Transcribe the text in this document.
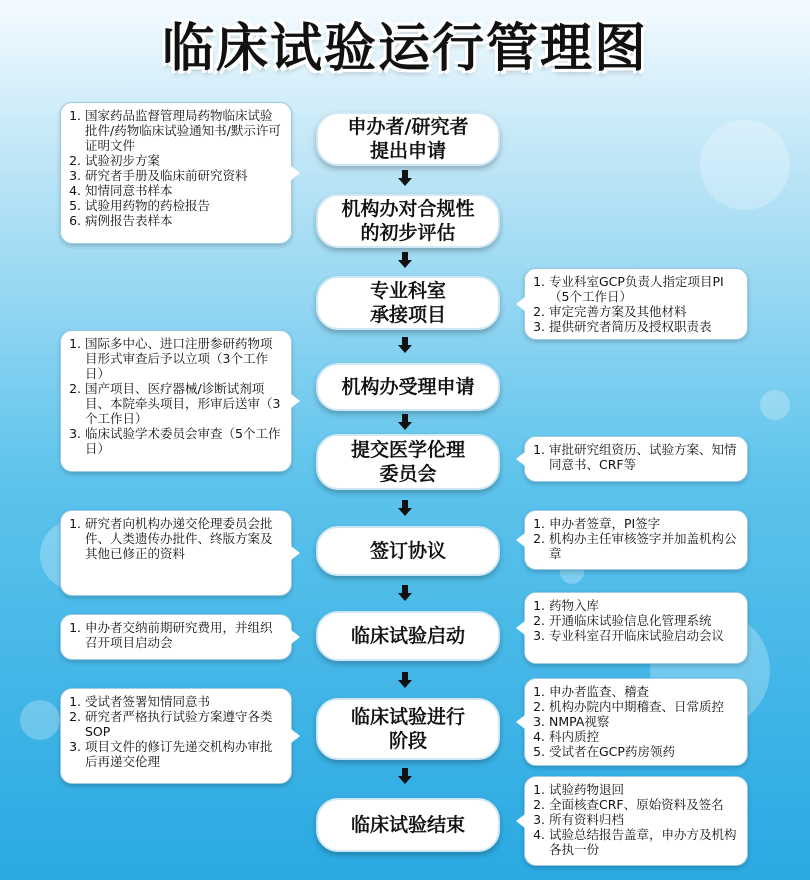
临床试验运行管理图
申办者/研究者
提出申请
机构办对合规性
的初步评估
专业科室
承接项目
机构办受理申请
提交医学伦理
委员会
签订协议
临床试验启动
临床试验进行
阶段
临床试验结束
1. 国家药品监督管理局药物临床试验批件/药物临床试验通知书/默示许可证明文件
2. 试验初步方案
3. 研究者手册及临床前研究资料
4. 知情同意书样本
5. 试验用药物的药检报告
6. 病例报告表样本
1. 国际多中心、进口注册参研药物项目形式审查后予以立项（3个工作日）
2. 国产项目、医疗器械/诊断试剂项目、本院牵头项目，形审后送审（3个工作日）
3. 临床试验学术委员会审查（5个工作日）
1. 研究者向机构办递交伦理委员会批件、人类遗传办批件、终版方案及其他已修正的资料
1. 申办者交纳前期研究费用，并组织召开项目启动会
1. 受试者签署知情同意书
2. 研究者严格执行试验方案遵守各类SOP
3. 项目文件的修订先递交机构办审批后再递交伦理
1. 专业科室GCP负责人指定项目PI（5个工作日）
2. 审定完善方案及其他材料
3. 提供研究者简历及授权职责表
1. 审批研究组资历、试验方案、知情同意书、CRF等
1. 申办者签章，PI签字
2. 机构办主任审核签字并加盖机构公章
1. 药物入库
2. 开通临床试验信息化管理系统
3. 专业科室召开临床试验启动会议
1. 申办者监查、稽查
2. 机构办院内中期稽查、日常质控
3. NMPA视察
4. 科内质控
5. 受试者在GCP药房领药
1. 试验药物退回
2. 全面核查CRF、原始资料及签名
3. 所有资料归档
4. 试验总结报告盖章，申办方及机构各执一份
